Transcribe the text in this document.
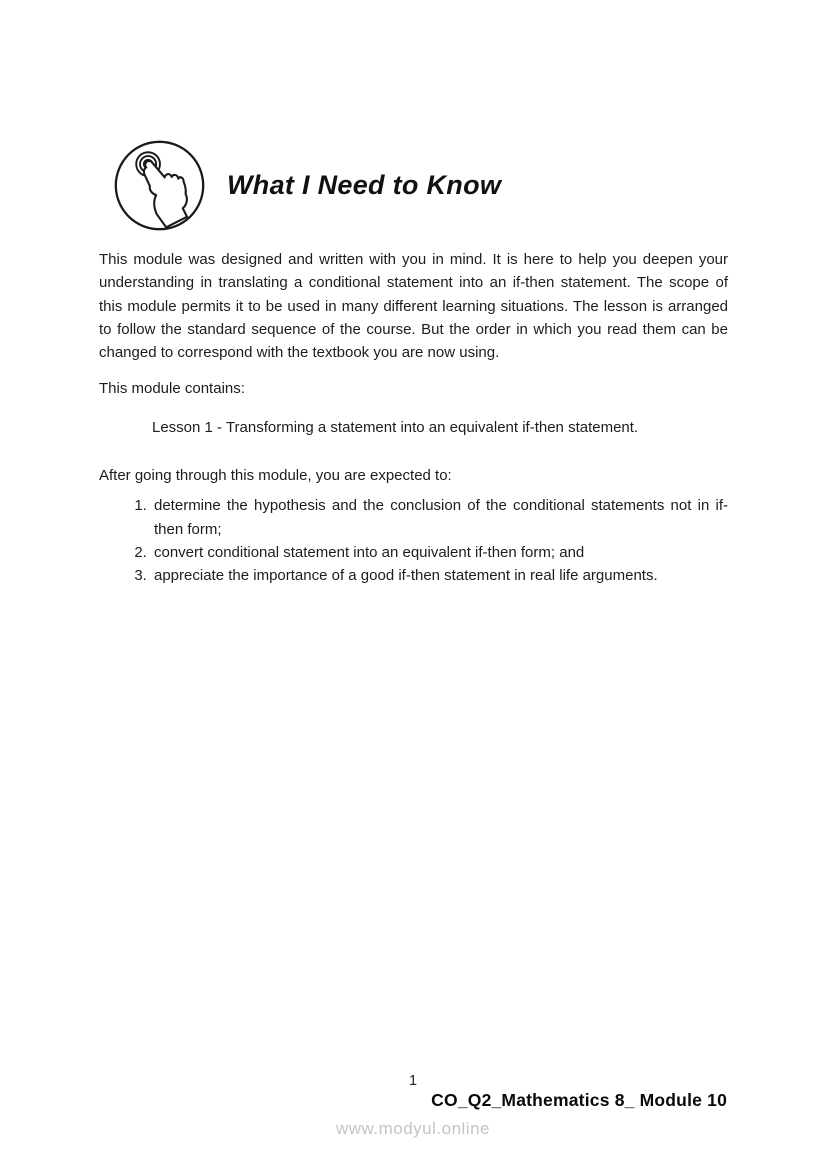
What I Need to Know

This module was designed and written with you in mind. It is here to help you deepen your understanding in translating a conditional statement into an if-then statement. The scope of this module permits it to be used in many different learning situations. The lesson is arranged to follow the standard sequence of the course. But the order in which you read them can be changed to correspond with the textbook you are now using.

This module contains:

Lesson 1 - Transforming a statement into an equivalent if-then statement.

After going through this module, you are expected to:

1. determine the hypothesis and the conclusion of the conditional statements not in if-then form;
2. convert conditional statement into an equivalent if-then form; and
3. appreciate the importance of a good if-then statement in real life arguments.
1
CO_Q2_Mathematics 8_ Module 10
www.modyul.online
